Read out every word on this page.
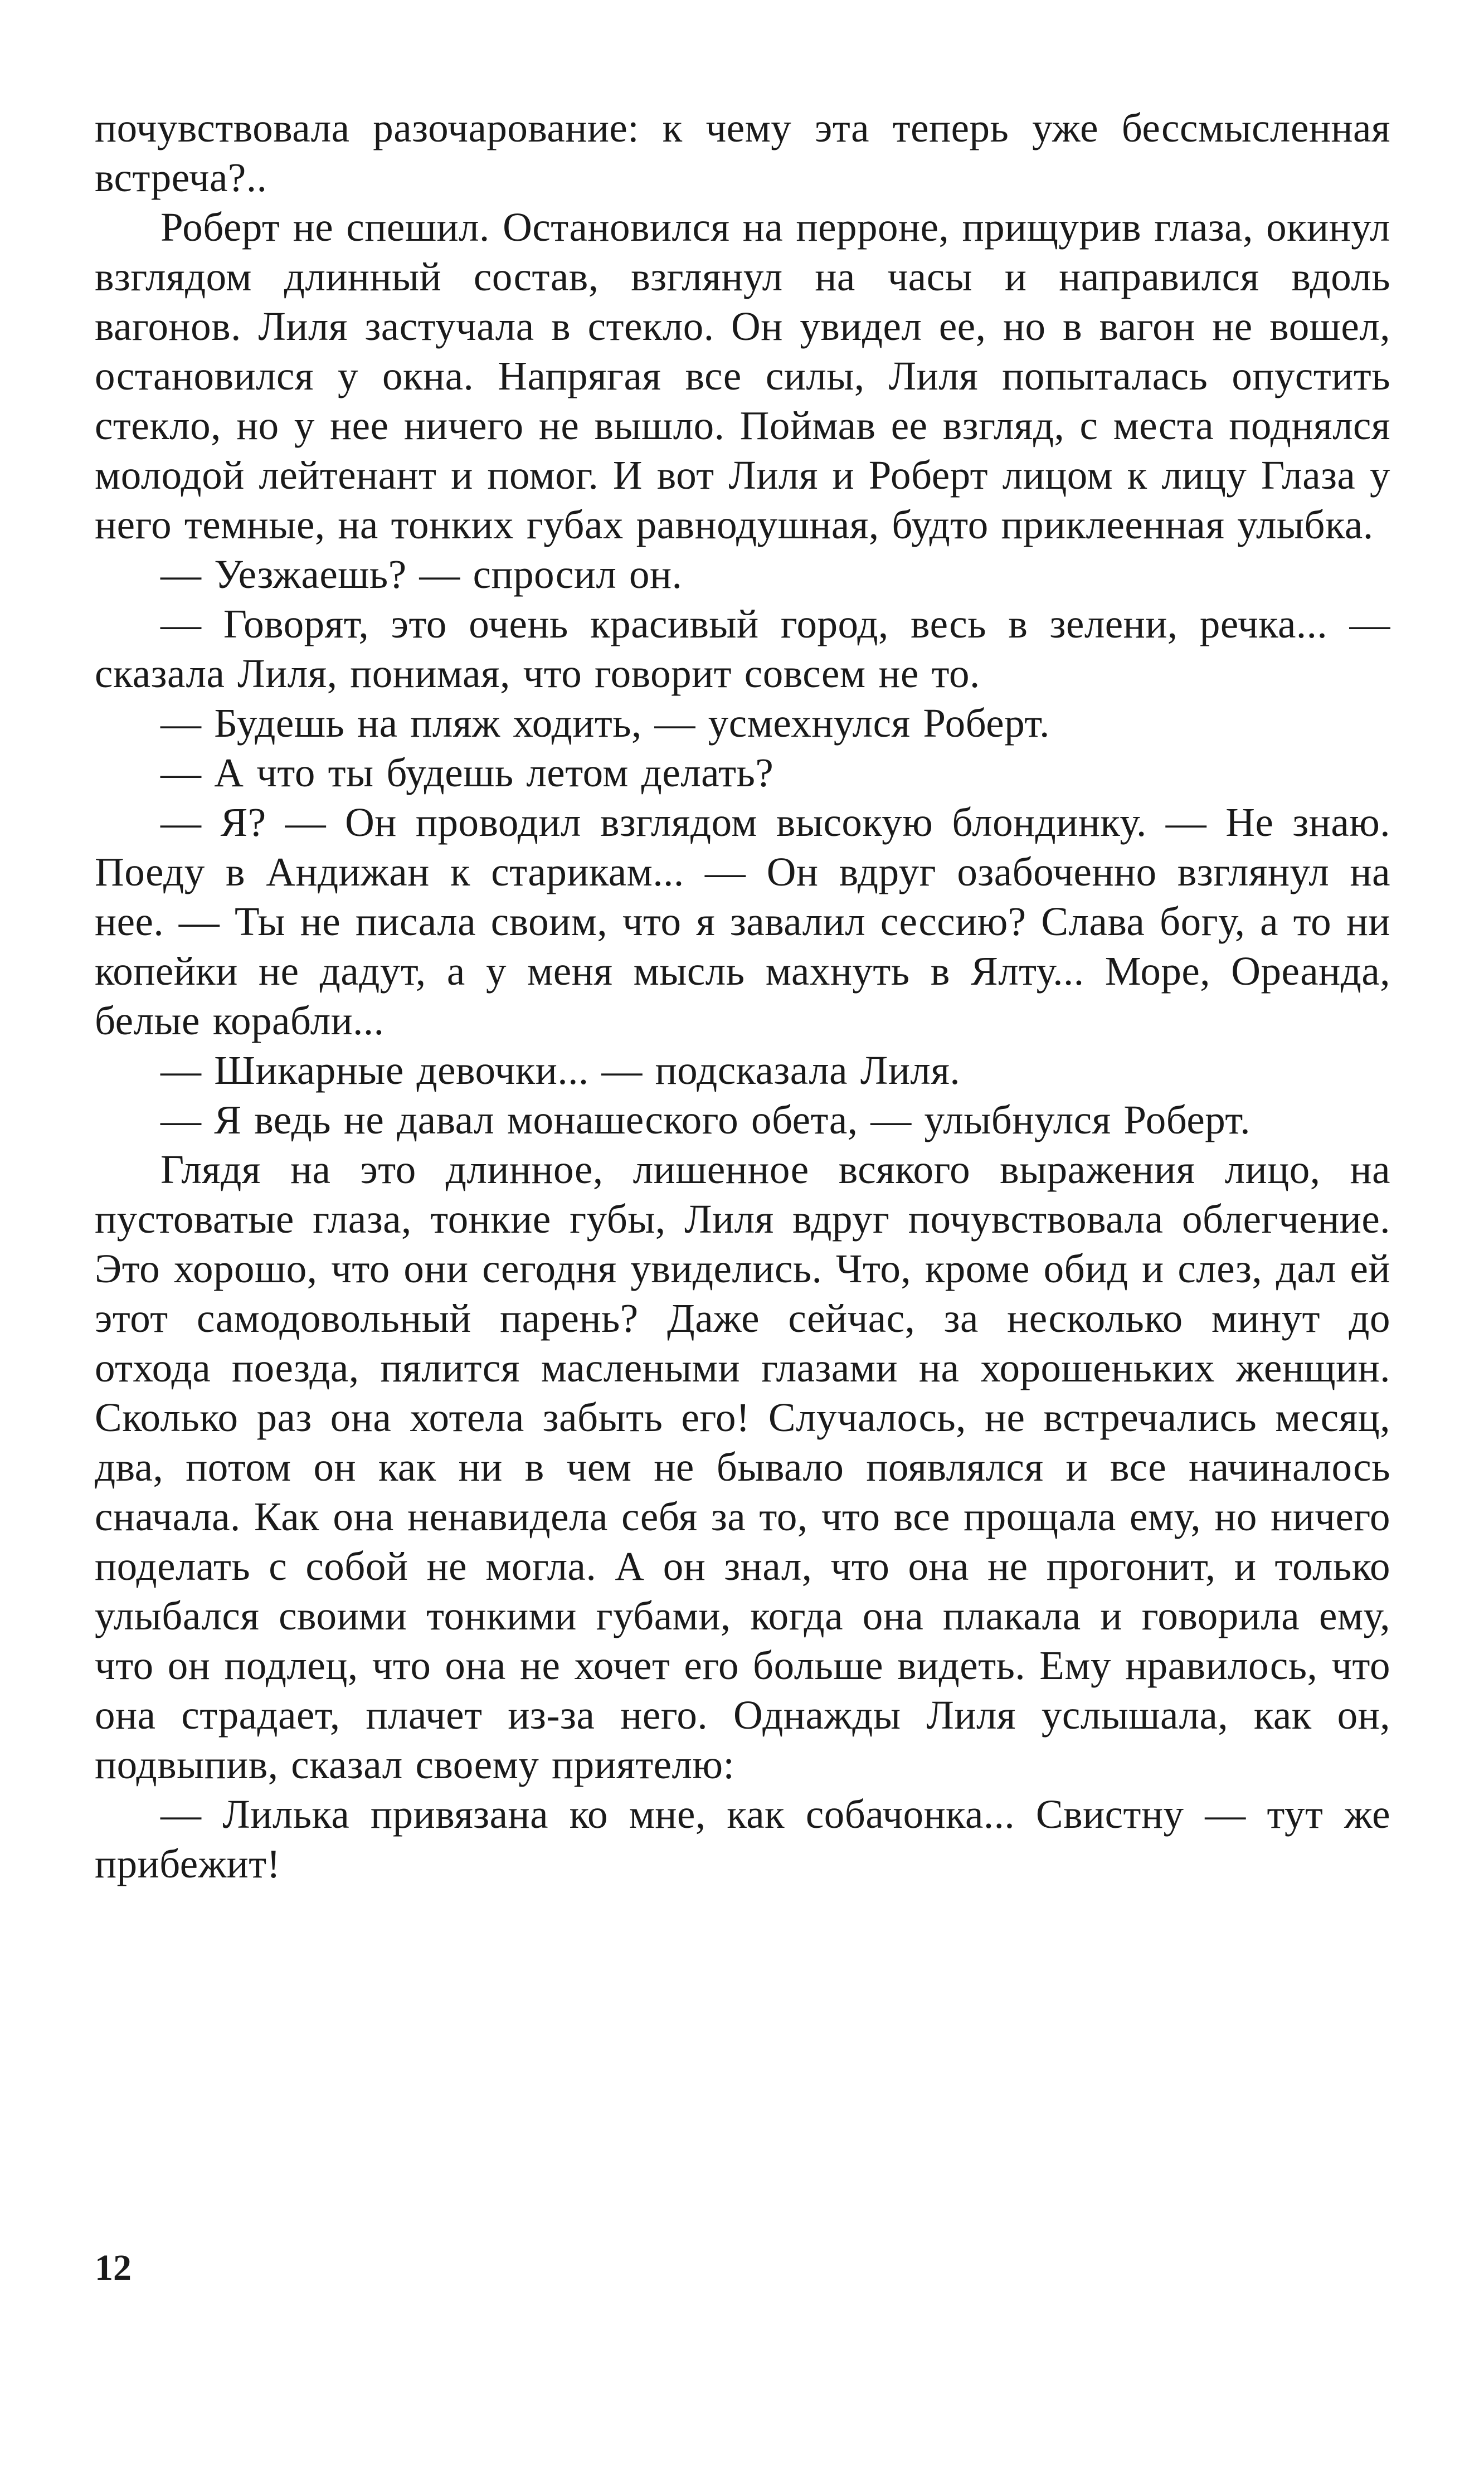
почувствовала разочарование: к чему эта теперь уже бессмысленная встреча?..

Роберт не спешил. Остановился на перроне, прищурив глаза, окинул взглядом длинный состав, взглянул на часы и направился вдоль вагонов. Лиля застучала в стекло. Он увидел ее, но в вагон не вошел, остановился у окна. Напрягая все силы, Лиля попыталась опустить стекло, но у нее ничего не вышло. Поймав ее взгляд, с места поднялся молодой лейтенант и помог. И вот Лиля и Роберт лицом к лицу Глаза у него темные, на тонких губах равнодушная, будто приклеенная улыбка.

— Уезжаешь? — спросил он.

— Говорят, это очень красивый город, весь в зелени, речка... — сказала Лиля, понимая, что говорит совсем не то.

— Будешь на пляж ходить, — усмехнулся Роберт.

— А что ты будешь летом делать?

— Я? — Он проводил взглядом высокую блондинку. — Не знаю. Поеду в Андижан к старикам... — Он вдруг озабоченно взглянул на нее. — Ты не писала своим, что я завалил сессию? Слава богу, а то ни копейки не дадут, а у меня мысль махнуть в Ялту... Море, Ореанда, белые корабли...

— Шикарные девочки... — подсказала Лиля.

— Я ведь не давал монашеского обета, — улыбнулся Роберт.

Глядя на это длинное, лишенное всякого выражения лицо, на пустоватые глаза, тонкие губы, Лиля вдруг почувствовала облегчение. Это хорошо, что они сегодня увиделись. Что, кроме обид и слез, дал ей этот самодовольный парень? Даже сейчас, за несколько минут до отхода поезда, пялится маслеными глазами на хорошеньких женщин. Сколько раз она хотела забыть его! Случалось, не встречались месяц, два, потом он как ни в чем не бывало появлялся и все начиналось сначала. Как она ненавидела себя за то, что все прощала ему, но ничего поделать с собой не могла. А он знал, что она не прогонит, и только улыбался своими тонкими губами, когда она плакала и говорила ему, что он подлец, что она не хочет его больше видеть. Ему нравилось, что она страдает, плачет из-за него. Однажды Лиля услышала, как он, подвыпив, сказал своему приятелю:

— Лилька привязана ко мне, как собачонка... Свистну — тут же прибежит!

12
